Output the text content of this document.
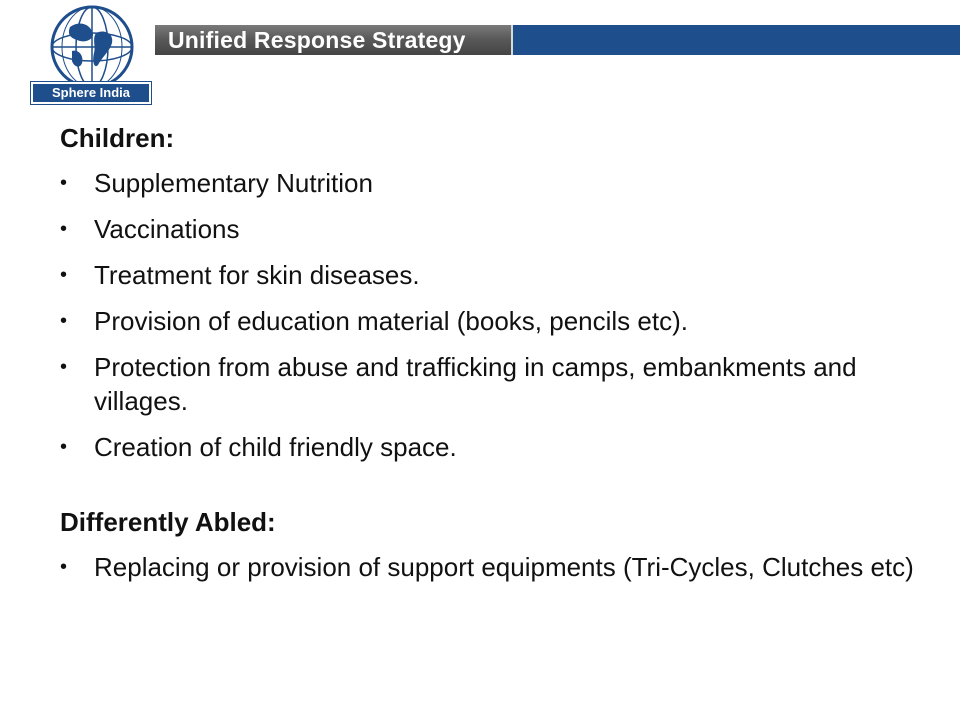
Unified Response Strategy
Sphere India

Children:

• Supplementary Nutrition
• Vaccinations
• Treatment for skin diseases.
• Provision of education material (books, pencils etc).
• Protection from abuse and trafficking in camps, embankments and villages.
• Creation of child friendly space.

Differently Abled:

• Replacing or provision of support equipments (Tri-Cycles, Clutches etc)
